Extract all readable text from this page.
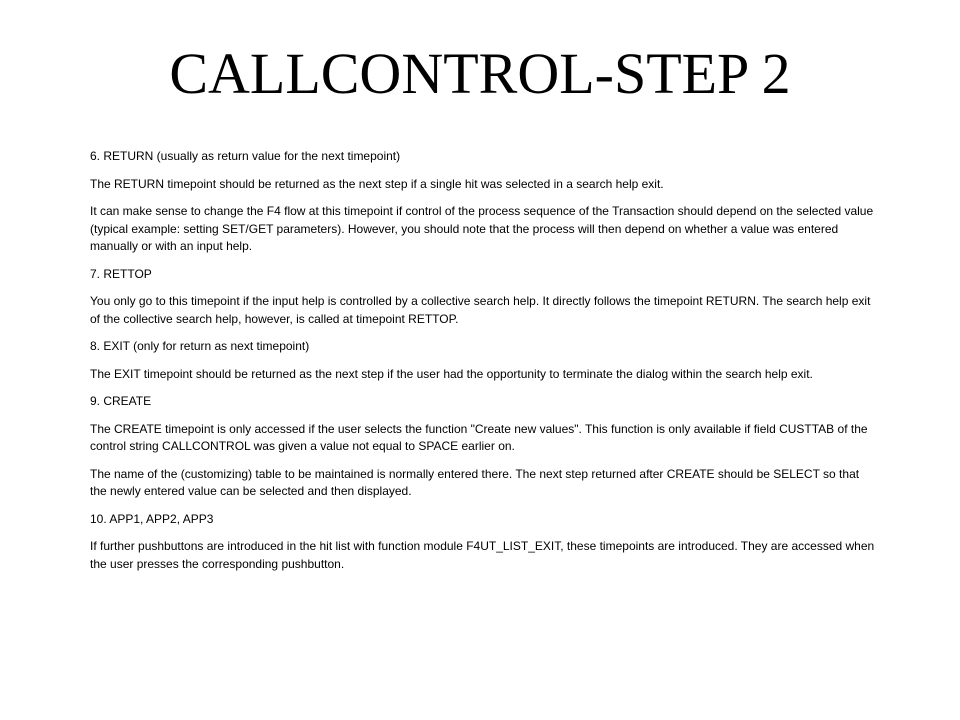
CALLCONTROL-STEP 2

6. RETURN (usually as return value for the next timepoint)

The RETURN timepoint should be returned as the next step if a single hit was selected in a search help exit.

It can make sense to change the F4 flow at this timepoint if control of the process sequence of the Transaction should depend on the selected value (typical example: setting SET/GET parameters). However, you should note that the process will then depend on whether a value was entered manually or with an input help.

7. RETTOP

You only go to this timepoint if the input help is controlled by a collective search help. It directly follows the timepoint RETURN. The search help exit of the collective search help, however, is called at timepoint RETTOP.

8. EXIT (only for return as next timepoint)

The EXIT timepoint should be returned as the next step if the user had the opportunity to terminate the dialog within the search help exit.

9. CREATE

The CREATE timepoint is only accessed if the user selects the function "Create new values". This function is only available if field CUSTTAB of the control string CALLCONTROL was given a value not equal to SPACE earlier on.

The name of the (customizing) table to be maintained is normally entered there. The next step returned after CREATE should be SELECT so that the newly entered value can be selected and then displayed.

10. APP1, APP2, APP3

If further pushbuttons are introduced in the hit list with function module F4UT_LIST_EXIT, these timepoints are introduced. They are accessed when the user presses the corresponding pushbutton.
